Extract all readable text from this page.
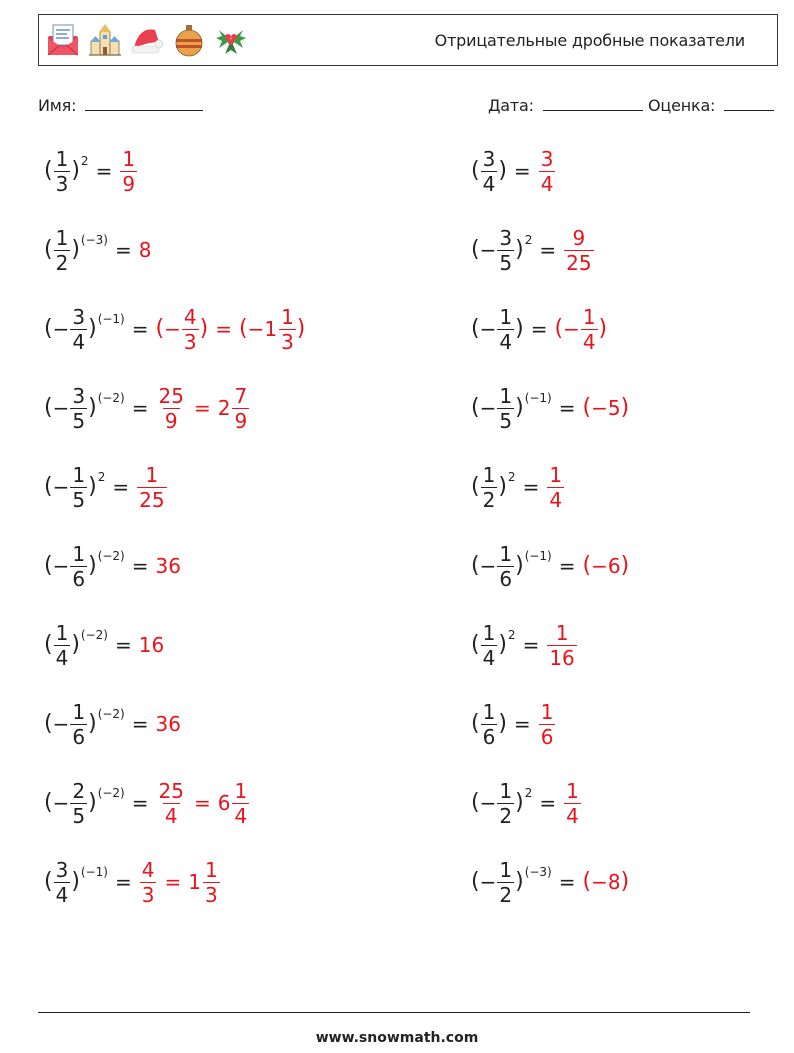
Отрицательные дробные показатели
Имя:	Дата:	Оценка:
( $\frac{1}{3}$ ) $2 = \frac{1}{9}$
( $\frac{1}{2}$ ) (−3) = 8
( − $\frac{3}{4}$ ) (−1) = ( − $\frac{4}{3}$ ) = ( − $1 \frac{1}{3}$ )
( − $\frac{3}{5}$ ) $(-2) = \frac{25}{9} = 2 \frac{7}{9}$
( − $\frac{1}{5}$ ) $2 = \frac{1}{25}$
( − $\frac{1}{6}$ ) (−2) = 36
( $\frac{1}{4}$ ) (−2) = 16
( − $\frac{1}{6}$ ) (−2) = 36
( − $\frac{2}{5}$ ) $(-2) = \frac{25}{4} = 6 \frac{1}{4}$
( $\frac{3}{4}$ ) $(-1) = \frac{4}{3} = 1 \frac{1}{3}$
( $\frac{3}{4}$ ) = $\frac{3}{4}$
( − $\frac{3}{5}$ ) $2 = \frac{9}{25}$
( − $\frac{1}{4}$ ) = ( − $\frac{1}{4}$ )
( − $\frac{1}{5}$ ) (−1) = ( − 5 )
( $\frac{1}{2}$ ) $2 = \frac{1}{4}$
( − $\frac{1}{6}$ ) (−1) = ( − 6 )
( $\frac{1}{4}$ ) $2 = \frac{1}{16}$
( $\frac{1}{6}$ ) = $\frac{1}{6}$
( − $\frac{1}{2}$ ) $2 = \frac{1}{4}$
( − $\frac{1}{2}$ ) (−3) = ( − 8 )
www.snowmath.com
